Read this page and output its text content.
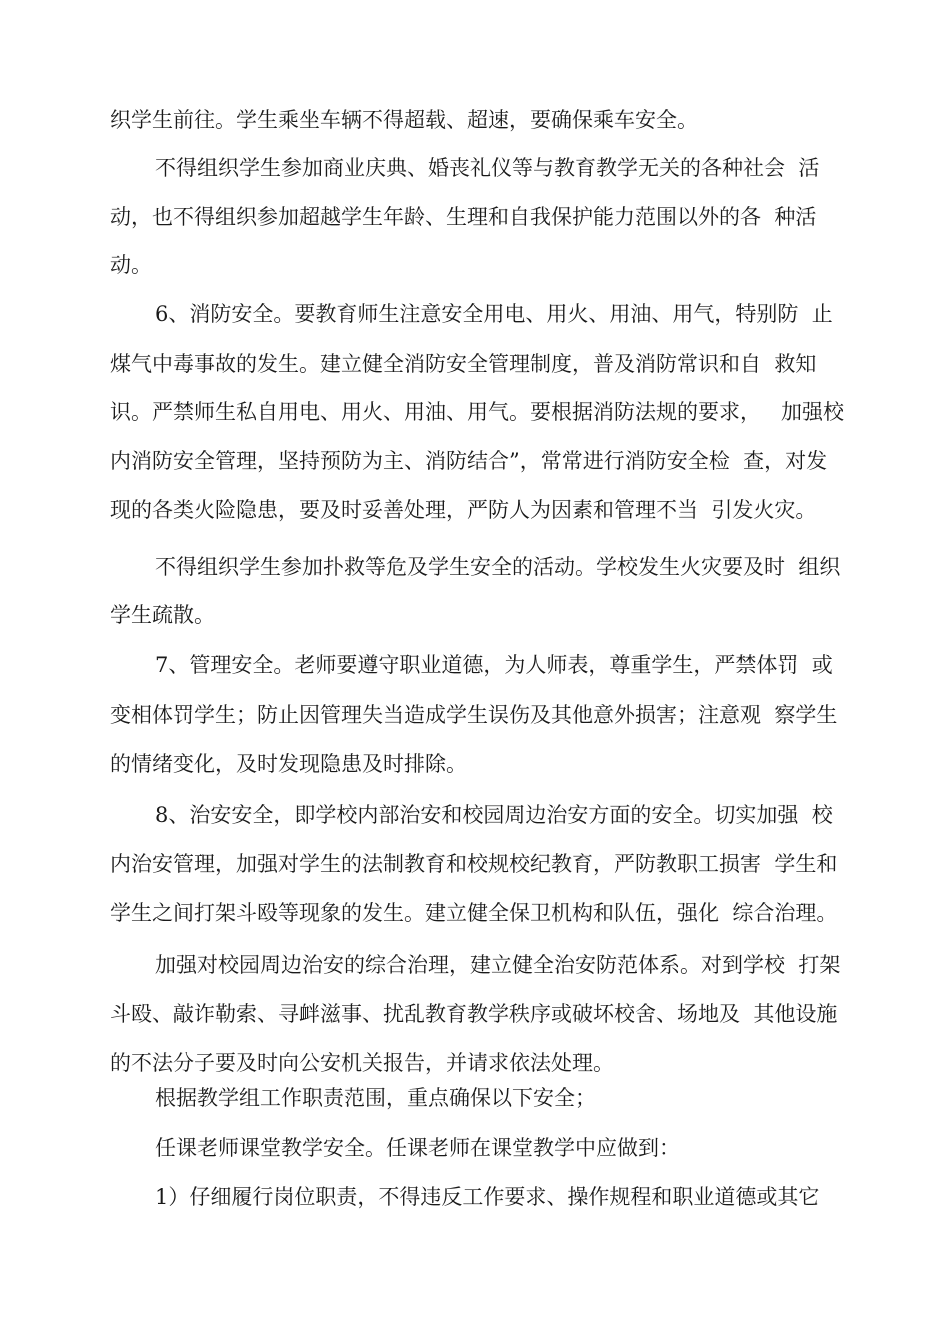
织学生前往。学生乘坐车辆不得超载、超速，要确保乘车安全。
不得组织学生参加商业庆典、婚丧礼仪等与教育教学无关的各种社会  活
动，也不得组织参加超越学生年龄、生理和自我保护能力范围以外的各  种活
动。
6、消防安全。要教育师生注意安全用电、用火、用油、用气，特别防  止
煤气中毒事故的发生。建立健全消防安全管理制度，普及消防常识和自  救知
识。严禁师生私自用电、用火、用油、用气。要根据消防法规的要求，   加强校
内消防安全管理，坚持预防为主、消防结合”，常常进行消防安全检  查，对发
现的各类火险隐患，要及时妥善处理，严防人为因素和管理不当  引发火灾。
不得组织学生参加扑救等危及学生安全的活动。学校发生火灾要及时  组织
学生疏散。
7、管理安全。老师要遵守职业道德，为人师表，尊重学生，严禁体罚  或
变相体罚学生；防止因管理失当造成学生误伤及其他意外损害；注意观  察学生
的情绪变化，及时发现隐患及时排除。
8、治安安全，即学校内部治安和校园周边治安方面的安全。切实加强  校
内治安管理，加强对学生的法制教育和校规校纪教育，严防教职工损害  学生和
学生之间打架斗殴等现象的发生。建立健全保卫机构和队伍，强化  综合治理。
加强对校园周边治安的综合治理，建立健全治安防范体系。对到学校  打架
斗殴、敲诈勒索、寻衅滋事、扰乱教育教学秩序或破坏校舍、场地及  其他设施
的不法分子要及时向公安机关报告，并请求依法处理。
根据教学组工作职责范围，重点确保以下安全；
任课老师课堂教学安全。任课老师在课堂教学中应做到：
1）仔细履行岗位职责，不得违反工作要求、操作规程和职业道德或其它
